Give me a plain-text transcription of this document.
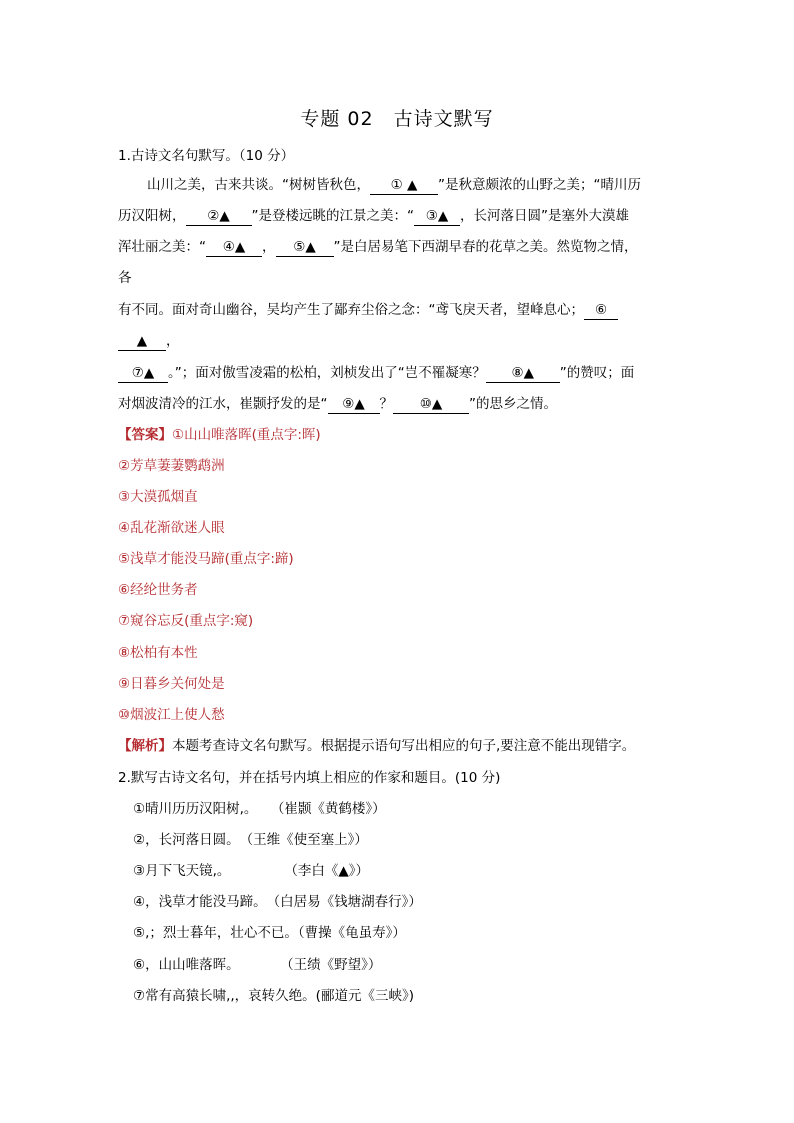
专题 02　古诗文默写
1.古诗文名句默写。（10 分）
山川之美，古来共谈。“树树皆秋色， ① ▲ ”是秋意颇浓的山野之美；“晴川历
历汉阳树， ②▲ ”是登楼远眺的江景之美：“ ③▲ ，长河落日圆”是塞外大漠雄
浑壮丽之美：“ ④▲ ， ⑤▲ ”是白居易笔下西湖早春的花草之美。然览物之情，
各
有不同。面对奇山幽谷，吴均产生了鄙弃尘俗之念：“鸢飞戾天者，望峰息心； ⑥
▲ ，
⑦▲ 。”；面对傲雪凌霜的松柏，刘桢发出了“岂不罹凝寒？ ⑧▲ ”的赞叹；面
对烟波清冷的江水，崔颢抒发的是“ ⑨▲ ？ ⑩▲ ”的思乡之情。
【答案】①山山唯落晖(重点字:晖)
②芳草萋萋鹦鹉洲
③大漠孤烟直
④乱花渐欲迷人眼
⑤浅草才能没马蹄(重点字:蹄)
⑥经纶世务者
⑦窥谷忘反(重点字:窥)
⑧松柏有本性
⑨日暮乡关何处是
⑩烟波江上使人愁
【解析】本题考查诗文名句默写。根据提示语句写出相应的句子,要注意不能出现错字。
2.默写古诗文名句，并在括号内填上相应的作家和题目。(10 分)
①晴川历历汉阳树,。　　（崔颢《黄鹤楼》）
②，长河落日圆。　（王维《使至塞上》）
③月下飞天镜,。　　　　　（李白《▲》）
④，浅草才能没马蹄。　（白居易《钱塘湖春行》）
⑤,；烈士暮年，壮心不已。（曹操《龟虽寿》）
⑥，山山唯落晖。　　　　（王绩《野望》）
⑦常有高猿长啸,,，哀转久绝。(郦道元《三峡》)
